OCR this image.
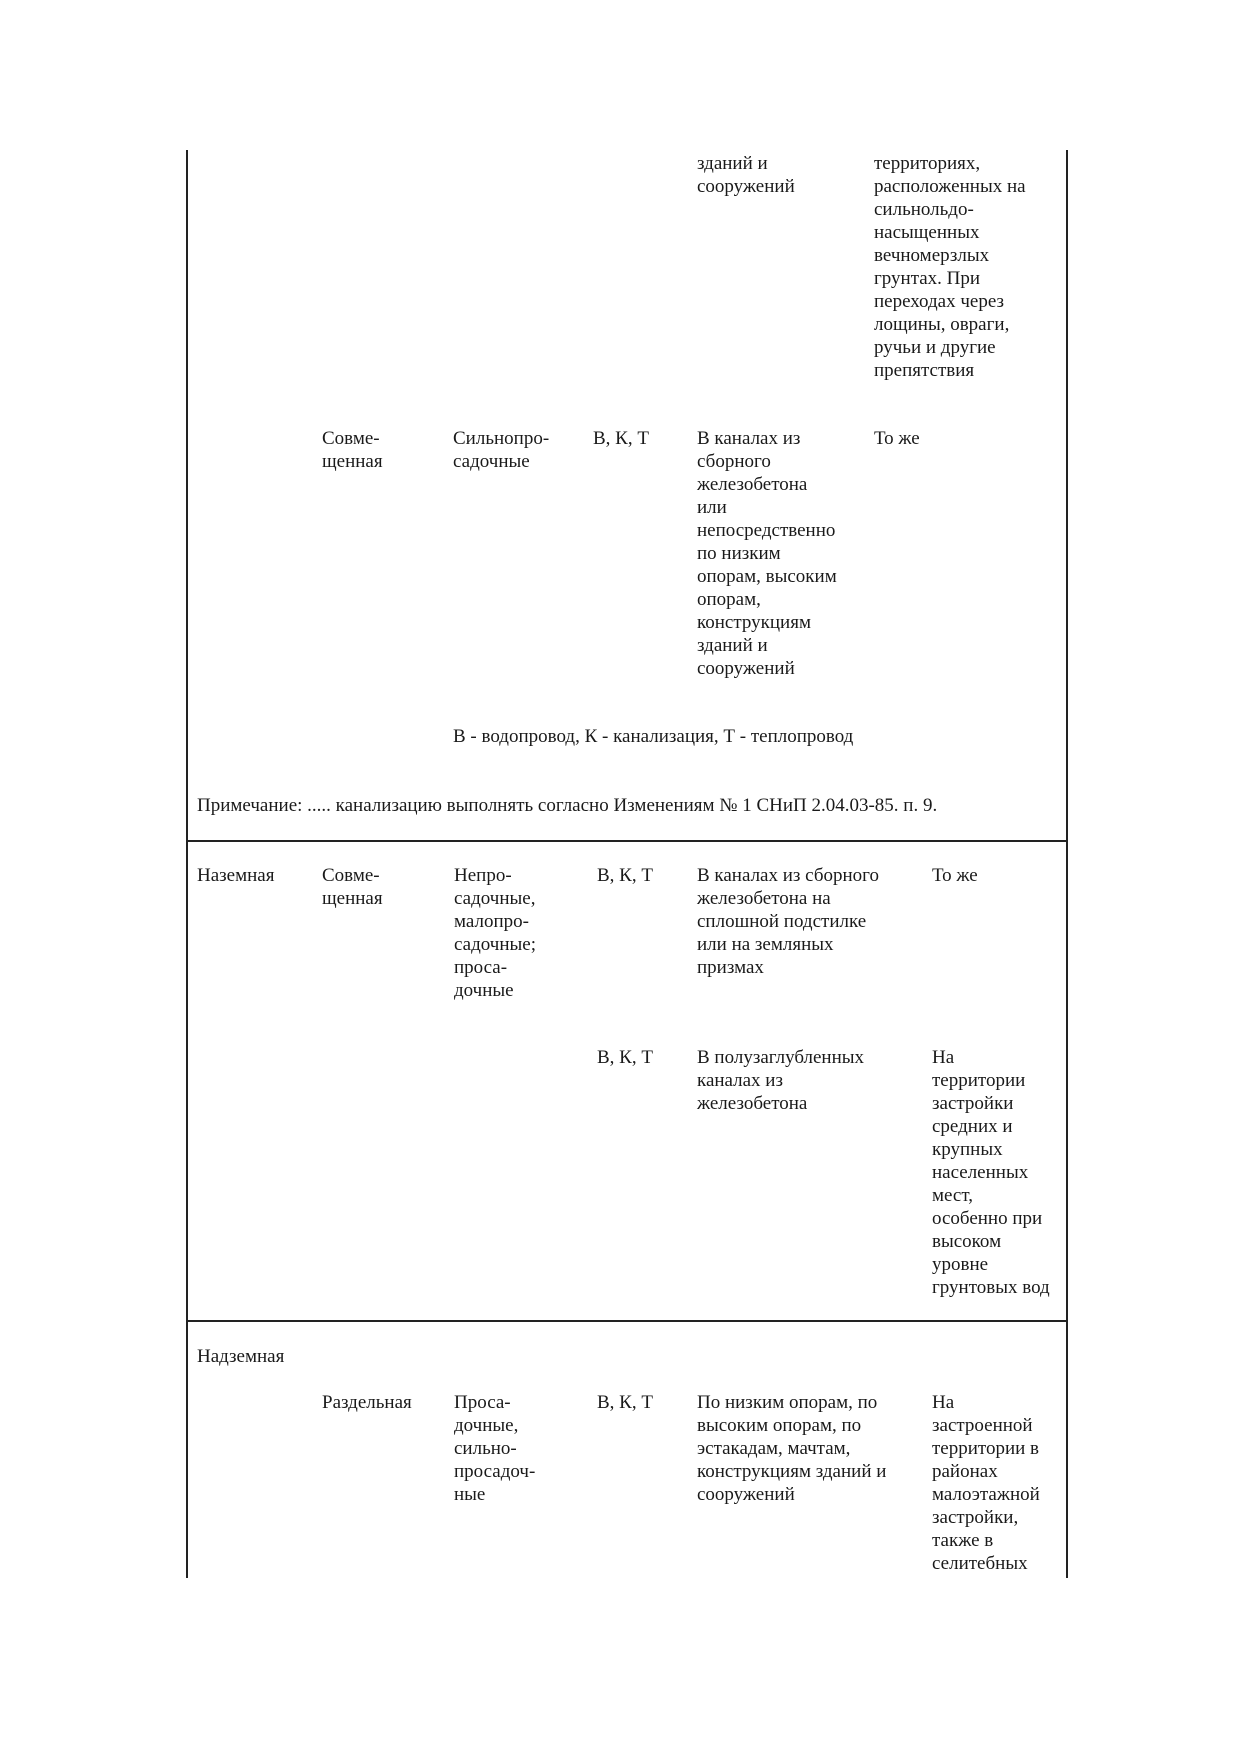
зданий и
сооружений
территориях,
расположенных на
сильнольдо-
насыщенных
вечномерзлых
грунтах. При
переходах через
лощины, овраги,
ручьи и другие
препятствия
Совме-
щенная
Сильнопро-
садочные
В, К, Т	В каналах из
сборного
железобетона
или
непосредственно
по низким
опорам, высоким
опорам,
конструкциям
зданий и
сооружений
То же
В - водопровод, К - канализация, Т - теплопровод
Примечание: ..... канализацию выполнять согласно Изменениям № 1 СНиП 2.04.03-85. п. 9.
Наземная	Совме-
щенная
Непро-
садочные,
малопро-
садочные;
проса-
дочные
В, К, Т В каналах из сборного
железобетона на
сплошной подстилке
или на земляных
призмах
То же
В, К, Т В полузаглубленных
каналах из
железобетона
На
территории
застройки
средних и
крупных
населенных
мест,
особенно при
высоком
уровне
грунтовых вод
Надземная
Раздельная Проса-
дочные,
сильно-
просадоч-
ные
В, К, Т По низким опорам, по
высоким опорам, по
эстакадам, мачтам,
конструкциям зданий и
сооружений
На
застроенной
территории в
районах
малоэтажной
застройки,
также в
селитебных
